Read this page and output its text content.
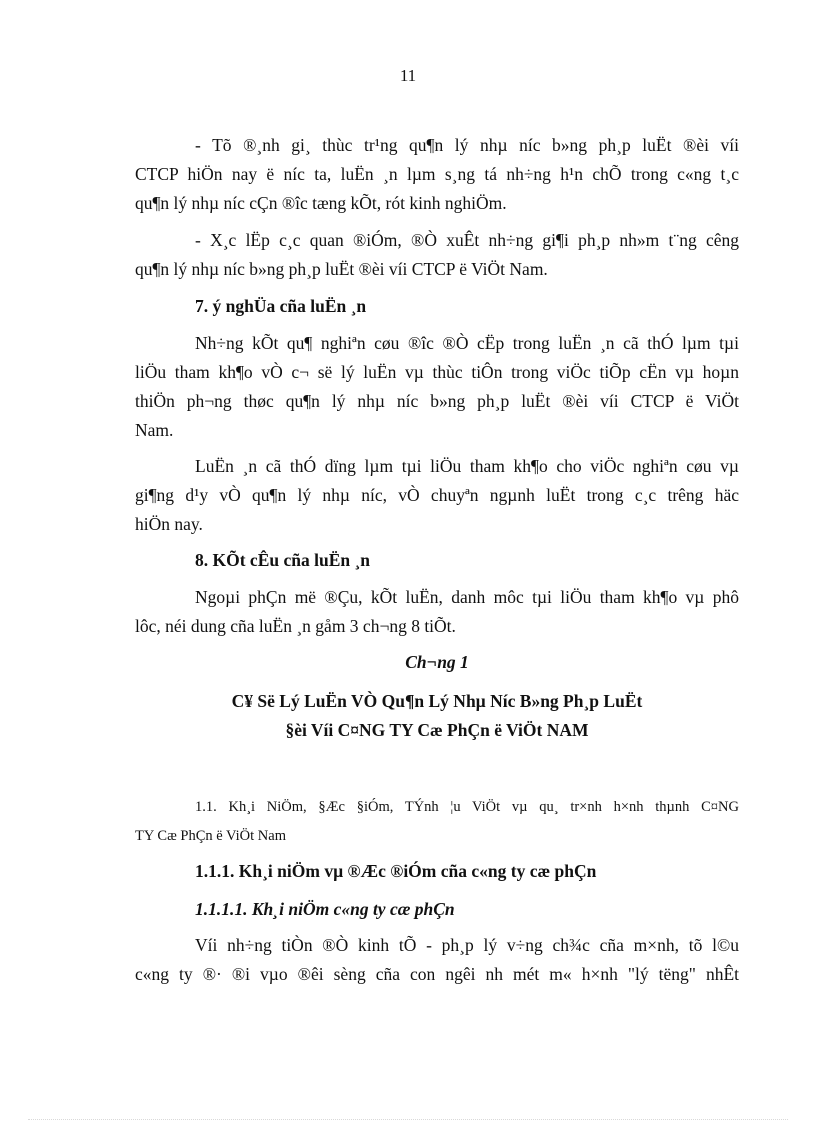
11
- Tõ ®¸nh gi¸ thùc tr¹ng qu¶n lý nhµ níc b»ng ph¸p luËt ®èi víi
CTCP hiÖn nay ë níc ta, luËn ¸n lµm s¸ng tá nh÷ng h¹n chÕ trong c«ng t¸c
qu¶n lý nhµ níc cÇn ®îc tæng kÕt, rót kinh nghiÖm.
- X¸c lËp c¸c quan ®iÓm, ®Ò xuÊt nh÷ng gi¶i ph¸p nh»m t¨ng cêng
qu¶n lý nhµ níc b»ng ph¸p luËt ®èi víi CTCP ë ViÖt Nam.
7. ý nghÜa cña luËn ¸n
Nh÷ng kÕt qu¶ nghiªn cøu ®îc ®Ò cËp trong luËn ¸n cã thÓ lµm tµi
liÖu tham kh¶o vÒ c¬ së lý luËn vµ thùc tiÔn trong viÖc tiÕp cËn vµ hoµn
thiÖn ph¬ng thøc qu¶n lý nhµ níc b»ng ph¸p luËt ®èi víi CTCP ë ViÖt
Nam.
LuËn ¸n cã thÓ dïng lµm tµi liÖu tham kh¶o cho viÖc nghiªn cøu vµ
gi¶ng d¹y vÒ qu¶n lý nhµ níc, vÒ chuyªn ngµnh luËt trong c¸c trêng häc
hiÖn nay.
8. KÕt cÊu cña luËn ¸n
Ngoµi phÇn më ®Çu, kÕt luËn, danh môc tµi liÖu tham kh¶o vµ phô
lôc, néi dung cña luËn ¸n gåm 3 ch¬ng 8 tiÕt.
Ch¬ng 1
C¥ Së Lý LuËn VÒ Qu¶n Lý Nhµ Níc B»ng Ph¸p LuËt
§èi Víi C¤NG TY Cæ PhÇn ë ViÖt NAM
1.1. Kh¸i NiÖm, §Æc §iÓm, TÝnh ¦u ViÖt vµ qu¸ tr×nh h×nh thµnh C¤NG
TY Cæ PhÇn ë ViÖt Nam
1.1.1. Kh¸i niÖm vµ ®Æc ®iÓm cña c«ng ty cæ phÇn
1.1.1.1. Kh¸i niÖm c«ng ty cæ phÇn
Víi nh÷ng tiÒn ®Ò kinh tÕ - ph¸p lý v÷ng ch¾c cña m×nh, tõ l©u
c«ng ty ®· ®i vµo ®êi sèng cña con ngêi nh mét m« h×nh "lý tëng" nhÊt
